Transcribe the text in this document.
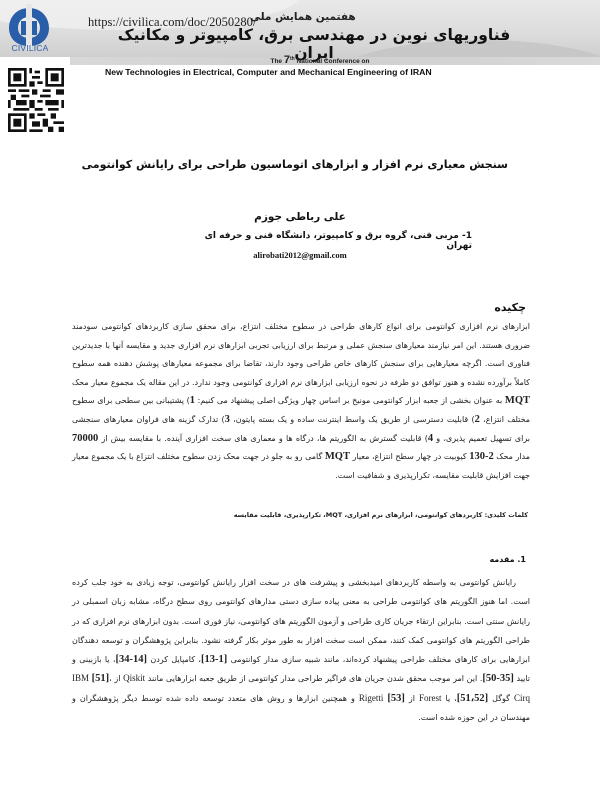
CIVILICA
https://civilica.com/doc/2050280/
هفتمین همایش ملی
فناوریهای نوین در مهندسی برق، کامپیوتر و مکانیک ایران
The 7th National Conference on
New Technologies in Electrical, Computer and Mechanical Engineering of IRAN
سنجش معیاری نرم افزار و ابزارهای اتوماسیون طراحی برای رایانش کوانتومی
علی رباطی جوزم
1- مربی فنی، گروه برق و کامپیوتر، دانشگاه فنی و حرفه ای تهران
alirobati2012@gmail.com
چکیده
ابزارهای نرم افزاری کوانتومی برای انواع کارهای طراحی در سطوح مختلف انتزاع، برای محقق سازی کاربردهای کوانتومی سودمند ضروری هستند. این امر نیازمند معیارهای سنجش عملی و مرتبط برای ارزیابی تجربی ابزارهای نرم افزاری جدید و مقایسه آنها با جدیدترین فناوری است. اگرچه معیارهایی برای سنجش کارهای خاص طراحی وجود دارند، تقاضا برای مجموعه معیارهای پوشش دهنده همه سطوح کاملاً برآورده نشده و هنوز توافق دو طرفه در نحوه ارزیابی ابزارهای نرم افزاری کوانتومی وجود ندارد. در این مقاله یک مجموع معیار محک MQT به عنوان بخشی از جعبه ابزار کوانتومی مونیخ بر اساس چهار ویژگی اصلی پیشنهاد می کنیم: 1) پشتیبانی بین سطحی برای سطوح مختلف انتزاع، 2) قابلیت دسترسی از طریق یک واسط اینترنت ساده و یک بسته پایتون، 3) تدارک گزینه های فراوان معیارهای سنجشی برای تسهیل تعمیم پذیری، و 4) قابلیت گسترش به الگوریتم ها، درگاه ها و معماری های سخت افزاری آینده. با مقایسه بیش از 70000 مدار محک 2-130 کیوبیت در چهار سطح انتزاع، معیار MQT گامی رو به جلو در جهت محک زدن سطوح مختلف انتزاع با یک مجموع معیار جهت افزایش قابلیت مقایسه، تکرارپذیری و شفافیت است.
کلمات کلیدی: کاربردهای کوانتومی، ابزارهای نرم افزاری، MQT، تکرارپذیری، قابلیت مقایسه
1. مقدمه
رایانش کوانتومی به واسطه کاربردهای امیدبخشی و پیشرفت های در سخت افزار رایانش کوانتومی، توجه زیادی به خود جلب کرده است. اما هنوز الگوریتم های کوانتومی طراحی به معنی پیاده سازی دستی مدارهای کوانتومی روی سطح درگاه، مشابه زبان اسمبلی در رایانش سنتی است. بنابراین ارتقاء جریان کاری طراحی و آزمون الگوریتم های کوانتومی، نیاز فوری است. بدون ابزارهای نرم افزاری که در طراحی الگوریتم های کوانتومی کمک کنند، ممکن است سخت افزار به طور موثر بکار گرفته نشود. بنابراین پژوهشگران و توسعه دهندگان ابزارهایی برای کارهای مختلف طراحی پیشنهاد کرده‌اند، مانند شبیه سازی مدار کوانتومی [1-13]، کامپایل کردن [14-34]، یا بازبینی و تایید [35-50]. این امر موجب محقق شدن جریان های فراگیر طراحی مدار کوانتومی از طریق جعبه ابزارهایی مانند Qiskit از IBM [51]، Cirq گوگل [51،52]، یا Forest از Rigetti [53] و همچنین ابزارها و روش های متعدد توسعه داده شده توسط دیگر پژوهشگران و مهندسان در این حوزه شده است.
